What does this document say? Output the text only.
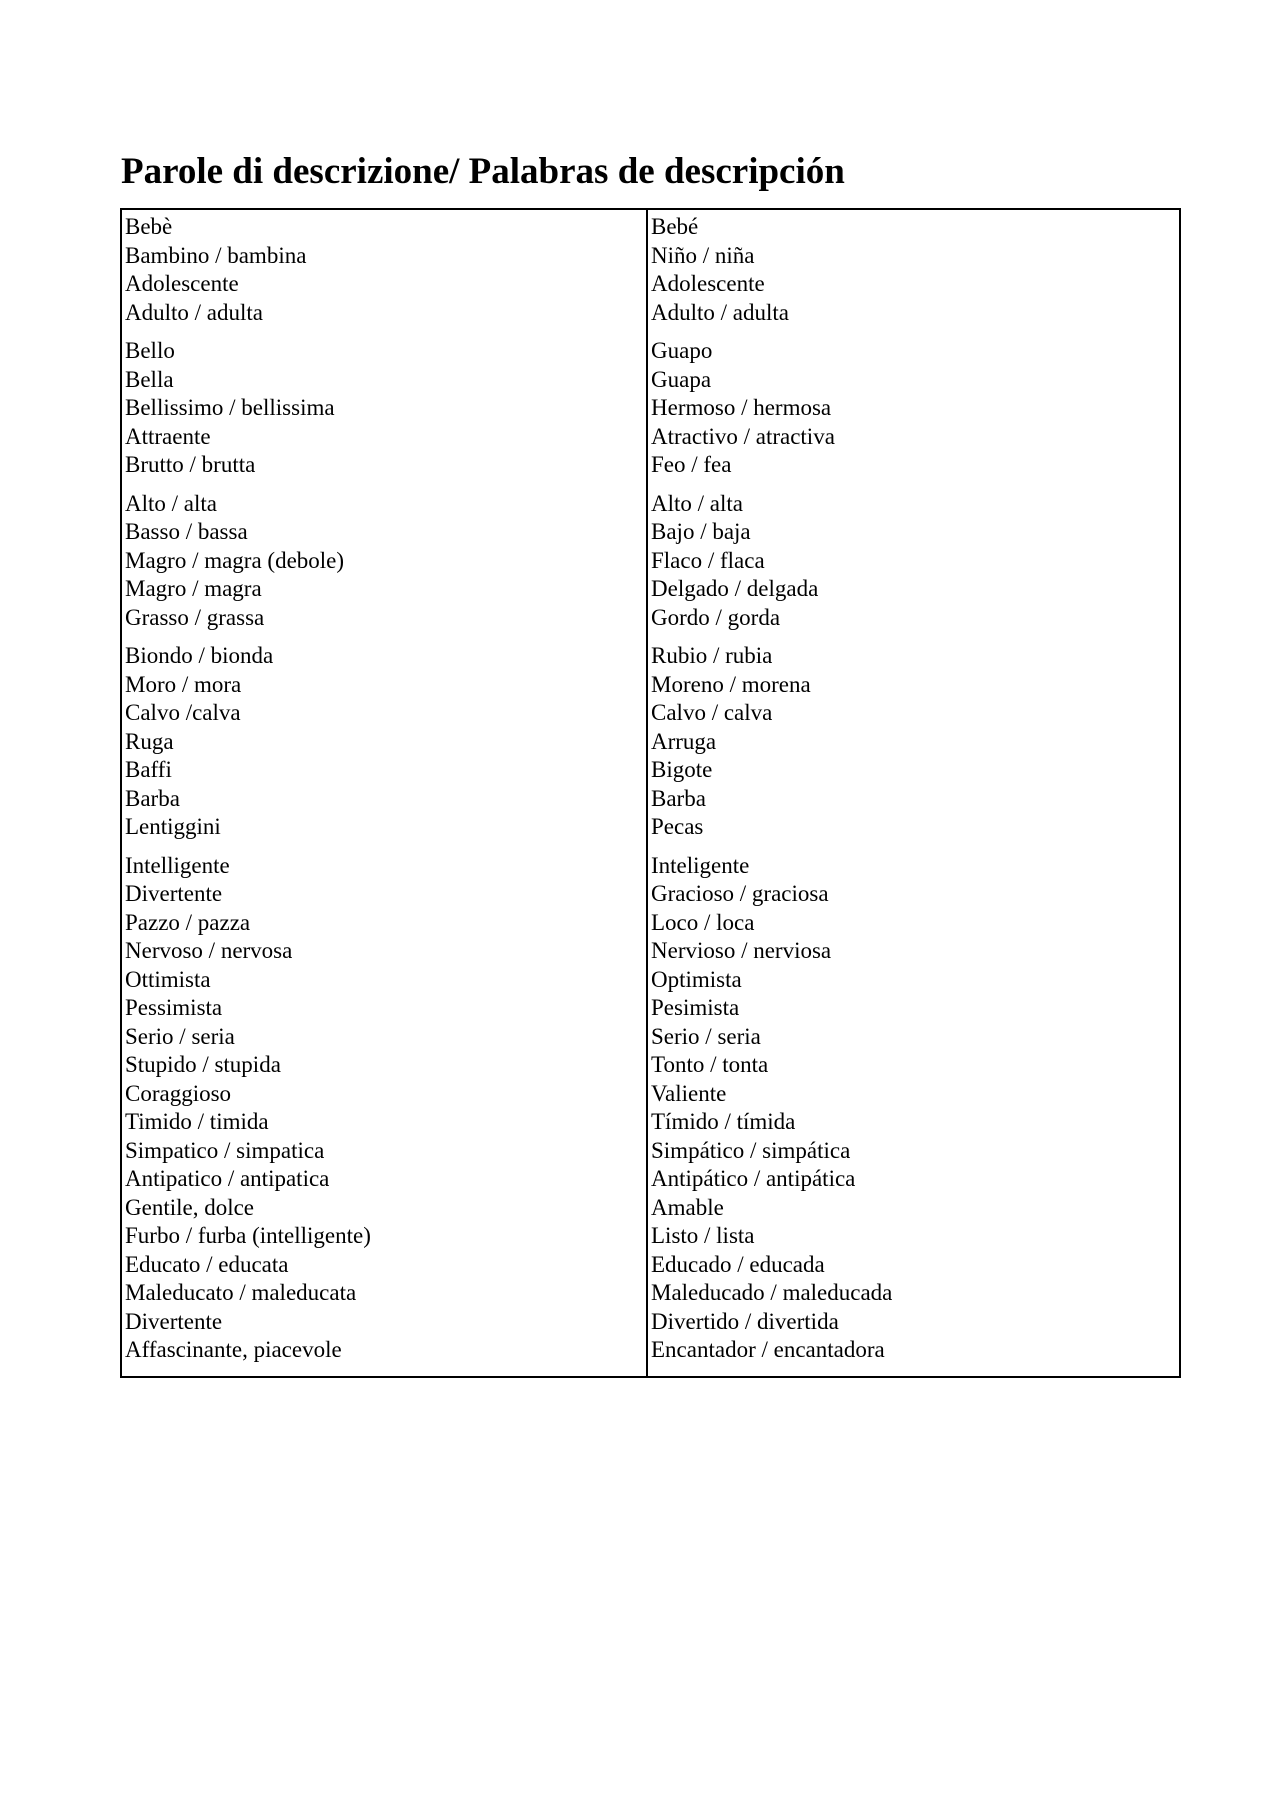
Parole di descrizione/ Palabras de descripción
Bebè
Bambino / bambina
Adolescente
Adulto / adulta
Bello
Bella
Bellissimo / bellissima
Attraente
Brutto / brutta
Alto / alta
Basso / bassa
Magro / magra (debole)
Magro / magra
Grasso / grassa
Biondo / bionda
Moro / mora
Calvo /calva
Ruga
Baffi
Barba
Lentiggini
Intelligente
Divertente
Pazzo / pazza
Nervoso / nervosa
Ottimista
Pessimista
Serio / seria
Stupido / stupida
Coraggioso
Timido / timida
Simpatico / simpatica
Antipatico / antipatica
Gentile, dolce
Furbo / furba (intelligente)
Educato / educata
Maleducato / maleducata
Divertente
Affascinante, piacevole
Bebé
Niño / niña
Adolescente
Adulto / adulta
Guapo
Guapa
Hermoso / hermosa
Atractivo / atractiva
Feo / fea
Alto / alta
Bajo / baja
Flaco / flaca
Delgado / delgada
Gordo / gorda
Rubio / rubia
Moreno / morena
Calvo / calva
Arruga
Bigote
Barba
Pecas
Inteligente
Gracioso / graciosa
Loco / loca
Nervioso / nerviosa
Optimista
Pesimista
Serio / seria
Tonto / tonta
Valiente
Tímido / tímida
Simpático / simpática
Antipático / antipática
Amable
Listo / lista
Educado / educada
Maleducado / maleducada
Divertido / divertida
Encantador / encantadora
